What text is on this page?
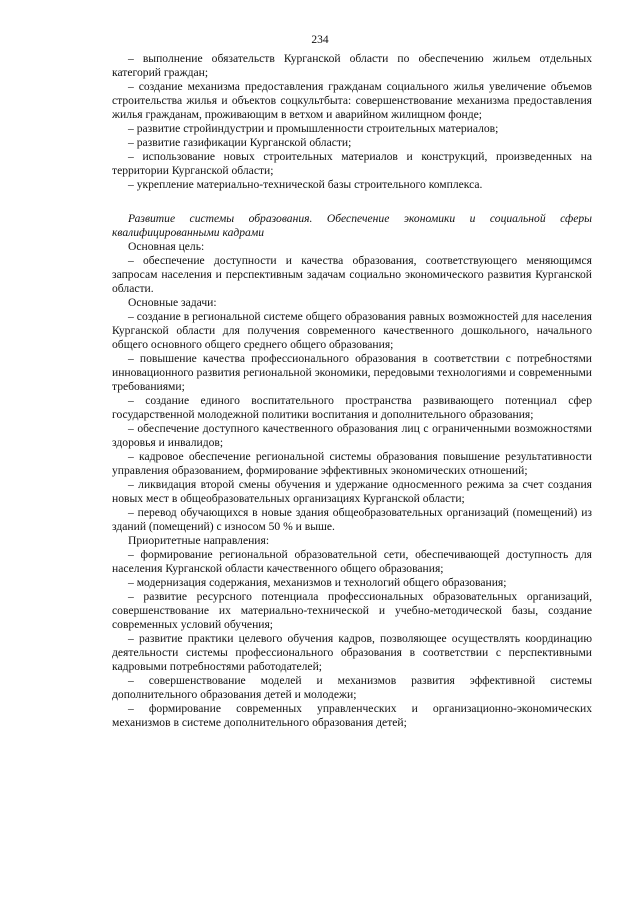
234

– выполнение обязательств Курганской области по обеспечению жильем отдельных категорий граждан;

– создание механизма предоставления гражданам социального жилья увеличение объемов строительства жилья и объектов соцкультбыта: совершенствование механизма предоставления жилья гражданам, проживающим в ветхом и аварийном жилищном фонде;

– развитие стройиндустрии и промышленности строительных материалов;

– развитие газификации Курганской области;

– использование новых строительных материалов и конструкций, произведенных на территории Курганской области;

– укрепление материально-технической базы строительного комплекса.

Развитие системы образования. Обеспечение экономики и социальной сферы квалифицированными кадрами

Основная цель:

– обеспечение доступности и качества образования, соответствующего меняющимся запросам населения и перспективным задачам социально экономического развития Курганской области.

Основные задачи:

– создание в региональной системе общего образования равных возможностей для населения Курганской области для получения современного качественного дошкольного, начального общего основного общего среднего общего образования;

– повышение качества профессионального образования в соответствии с потребностями инновационного развития региональной экономики, передовыми технологиями и современными требованиями;

– создание единого воспитательного пространства развивающего потенциал сфер государственной молодежной политики воспитания и дополнительного образования;

– обеспечение доступного качественного образования лиц с ограниченными возможностями здоровья и инвалидов;

– кадровое обеспечение региональной системы образования повышение результативности управления образованием, формирование эффективных экономических отношений;

– ликвидация второй смены обучения и удержание односменного режима за счет создания новых мест в общеобразовательных организациях Курганской области;

– перевод обучающихся в новые здания общеобразовательных организаций (помещений) из зданий (помещений) с износом 50 % и выше.

Приоритетные направления:

– формирование региональной образовательной сети, обеспечивающей доступность для населения Курганской области качественного общего образования;

– модернизация содержания, механизмов и технологий общего образования;

– развитие ресурсного потенциала профессиональных образовательных организаций, совершенствование их материально-технической и учебно-методической базы, создание современных условий обучения;

– развитие практики целевого обучения кадров, позволяющее осуществлять координацию деятельности системы профессионального образования в соответствии с перспективными кадровыми потребностями работодателей;

– совершенствование моделей и механизмов развития эффективной системы дополнительного образования детей и молодежи;

– формирование современных управленческих и организационно-экономических механизмов в системе дополнительного образования детей;
